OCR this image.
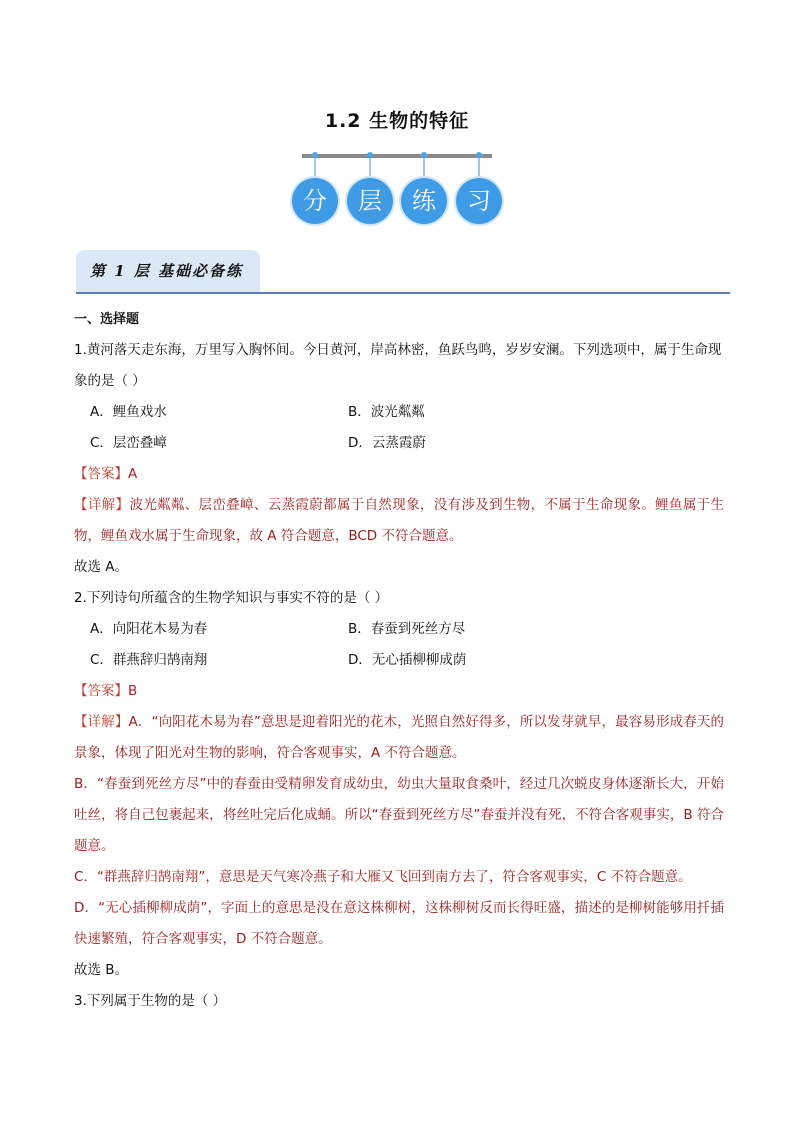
1.2 生物的特征
分	层	练	习
第 1 层 基础必备练
一、选择题
1.黄河落天走东海，万里写入胸怀间。今日黄河，岸高林密，鱼跃鸟鸣，岁岁安澜。下列选项中，属于生命现象的是（ ）
A．鲤鱼戏水	B．波光粼粼
C．层峦叠嶂	D．云蒸霞蔚
【答案】A
【详解】波光粼粼、层峦叠嶂、云蒸霞蔚都属于自然现象，没有涉及到生物，不属于生命现象。鲤鱼属于生物，鲤鱼戏水属于生命现象，故 A 符合题意，BCD 不符合题意。
故选 A。
2.下列诗句所蕴含的生物学知识与事实不符的是（ ）
A．向阳花木易为春	B．春蚕到死丝方尽
C．群燕辞归鹄南翔	D．无心插柳柳成荫
【答案】B
【详解】A．“向阳花木易为春”意思是迎着阳光的花木，光照自然好得多，所以发芽就早，最容易形成春天的景象，体现了阳光对生物的影响，符合客观事实，A 不符合题意。
B．“春蚕到死丝方尽”中的春蚕由受精卵发育成幼虫，幼虫大量取食桑叶，经过几次蜕皮身体逐渐长大，开始吐丝，将自己包裹起来，将丝吐完后化成蛹。所以“春蚕到死丝方尽”春蚕并没有死，不符合客观事实，B 符合题意。
C．“群燕辞归鹄南翔”，意思是天气寒冷燕子和大雁又飞回到南方去了，符合客观事实，C 不符合题意。
D．“无心插柳柳成荫”，字面上的意思是没在意这株柳树，这株柳树反而长得旺盛，描述的是柳树能够用扦插快速繁殖，符合客观事实，D 不符合题意。
故选 B。
3.下列属于生物的是（ ）
